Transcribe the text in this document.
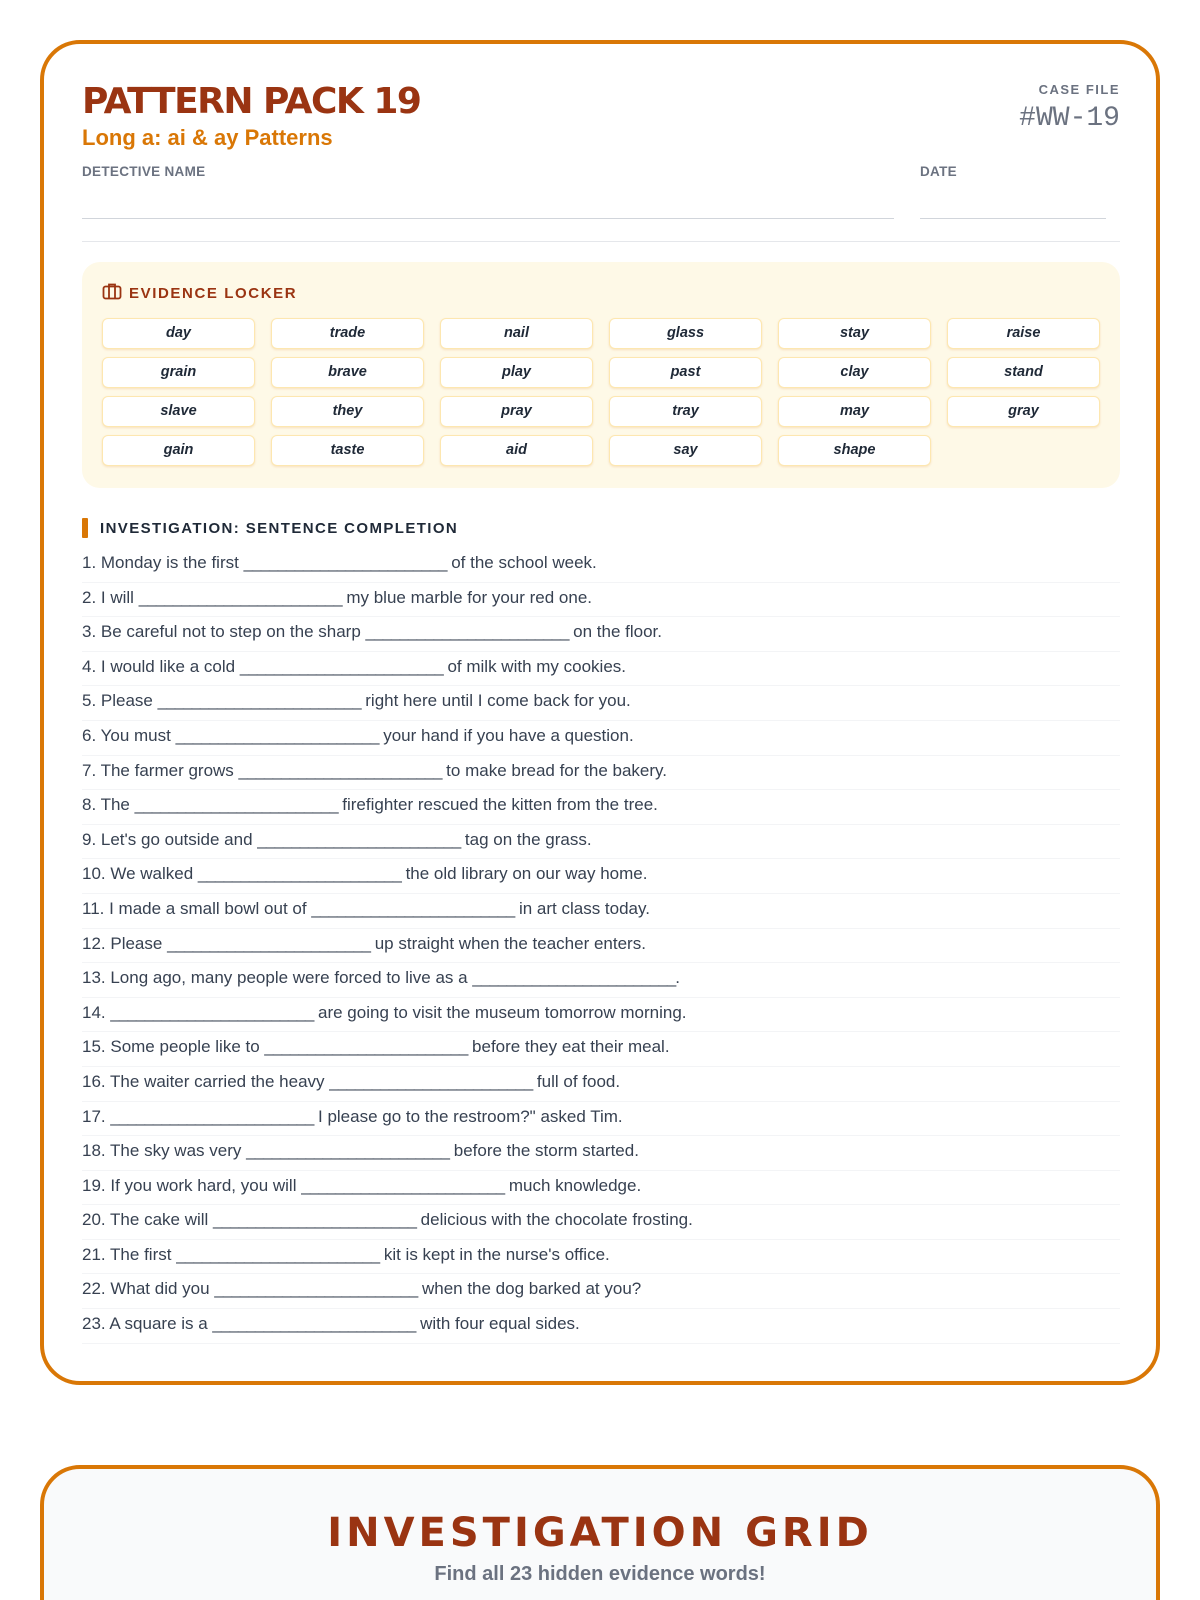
PATTERN PACK 19
Long a: ai & ay Patterns
CASE FILE
#WW-19
DETECTIVE NAME	DATE
EVIDENCE LOCKER
day	trade	nail	glass	stay	raise
grain	brave	play	past	clay	stand
slave	they	pray	tray	may	gray
gain	taste	aid	say	shape
INVESTIGATION: SENTENCE COMPLETION
1. Monday is the first ________________________ of the school week.
2. I will ________________________ my blue marble for your red one.
3. Be careful not to step on the sharp ________________________ on the floor.
4. I would like a cold ________________________ of milk with my cookies.
5. Please ________________________ right here until I come back for you.
6. You must ________________________ your hand if you have a question.
7. The farmer grows ________________________ to make bread for the bakery.
8. The ________________________ firefighter rescued the kitten from the tree.
9. Let's go outside and ________________________ tag on the grass.
10. We walked ________________________ the old library on our way home.
11. I made a small bowl out of ________________________ in art class today.
12. Please ________________________ up straight when the teacher enters.
13. Long ago, many people were forced to live as a ________________________.
14. ________________________ are going to visit the museum tomorrow morning.
15. Some people like to ________________________ before they eat their meal.
16. The waiter carried the heavy ________________________ full of food.
17. ________________________ I please go to the restroom?" asked Tim.
18. The sky was very ________________________ before the storm started.
19. If you work hard, you will ________________________ much knowledge.
20. The cake will ________________________ delicious with the chocolate frosting.
21. The first ________________________ kit is kept in the nurse's office.
22. What did you ________________________ when the dog barked at you?
23. A square is a ________________________ with four equal sides.
INVESTIGATION GRID
Find all 23 hidden evidence words!
